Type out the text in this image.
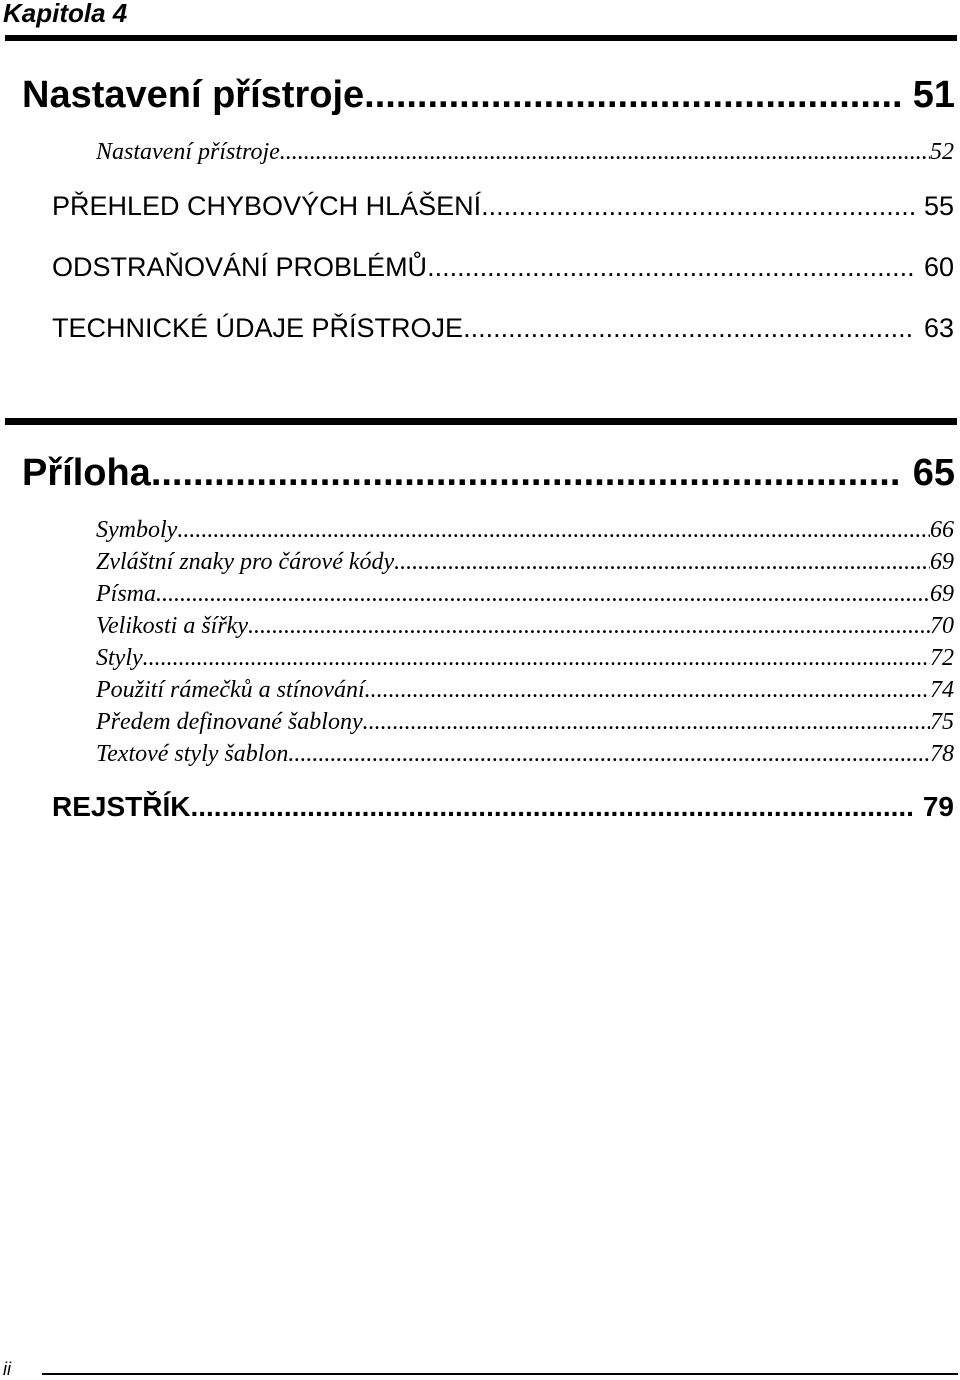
Kapitola 4
Nastavení přístroje .....	51
Nastavení přístroje .....	52
PŘEHLED CHYBOVÝCH HLÁŠENÍ .....	55
ODSTRAŇOVÁNÍ PROBLÉMŮ .....	60
TECHNICKÉ ÚDAJE PŘÍSTROJE .....	63
Příloha .....	65
Symboly .....	66
Zvláštní znaky pro čárové kódy .....	69
Písma .....	69
Velikosti a šířky .....	70
Styly .....	72
Použití rámečků a stínování .....	74
Předem definované šablony .....	75
Textové styly šablon .....	78
REJSTŘÍK .....	79
ii
